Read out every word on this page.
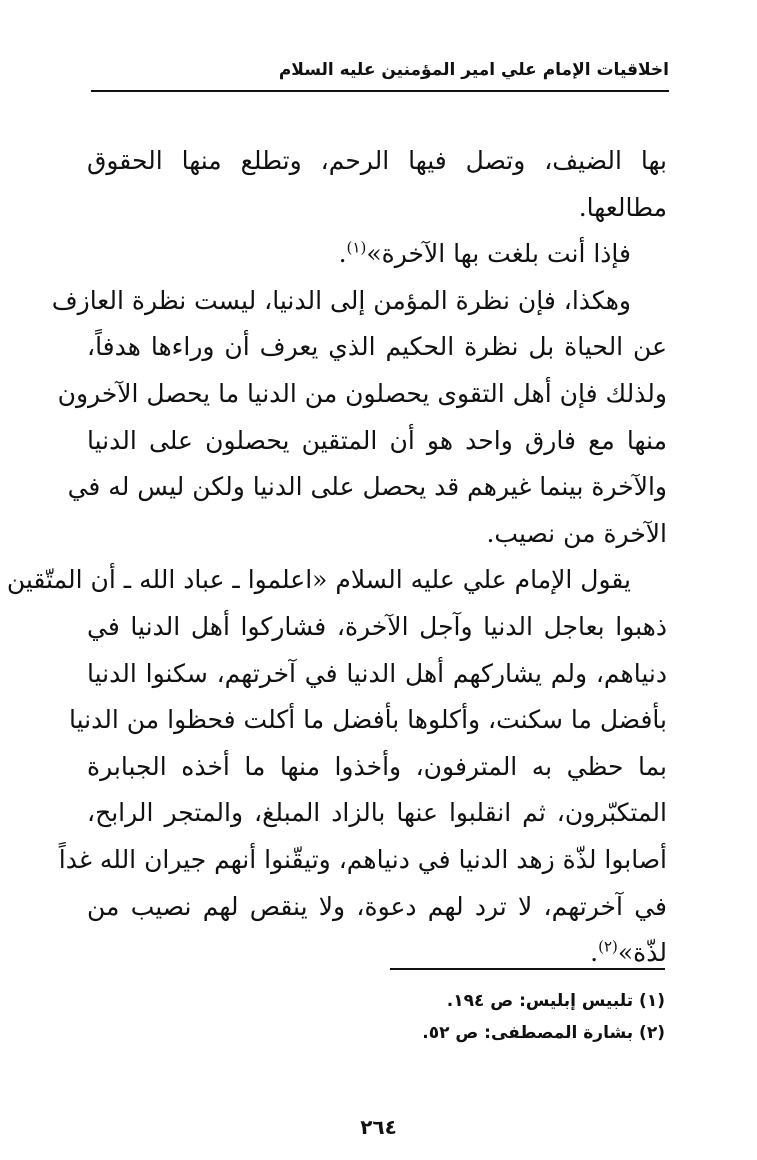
اخلاقيات الإمام علي امير المؤمنين عليه السلام
بها الضيف، وتصل فيها الرحم، وتطلع منها الحقوق
مطالعها.
فإذا أنت بلغت بها الآخرة»$^{(١)}$.
وهكذا، فإن نظرة المؤمن إلى الدنيا، ليست نظرة العازف
عن الحياة بل نظرة الحكيم الذي يعرف أن وراءها هدفاً،
ولذلك فإن أهل التقوى يحصلون من الدنيا ما يحصل الآخرون
منها مع فارق واحد هو أن المتقين يحصلون على الدنيا
والآخرة بينما غيرهم قد يحصل على الدنيا ولكن ليس له في
الآخرة من نصيب.
يقول الإمام علي عليه السلام «اعلموا ـ عباد الله ـ أن المتّقين
ذهبوا بعاجل الدنيا وآجل الآخرة، فشاركوا أهل الدنيا في
دنياهم، ولم يشاركهم أهل الدنيا في آخرتهم، سكنوا الدنيا
بأفضل ما سكنت، وأكلوها بأفضل ما أكلت فحظوا من الدنيا
بما حظي به المترفون، وأخذوا منها ما أخذه الجبابرة
المتكبّرون، ثم انقلبوا عنها بالزاد المبلغ، والمتجر الرابح،
أصابوا لذّة زهد الدنيا في دنياهم، وتيقّنوا أنهم جيران الله غداً
في آخرتهم، لا ترد لهم دعوة، ولا ينقص لهم نصيب من
لذّة»$^{(٢)}$.
(١) تلبيس إبليس: ص ١٩٤.
(٢) بشارة المصطفى: ص ٥٢.
٢٦٤
